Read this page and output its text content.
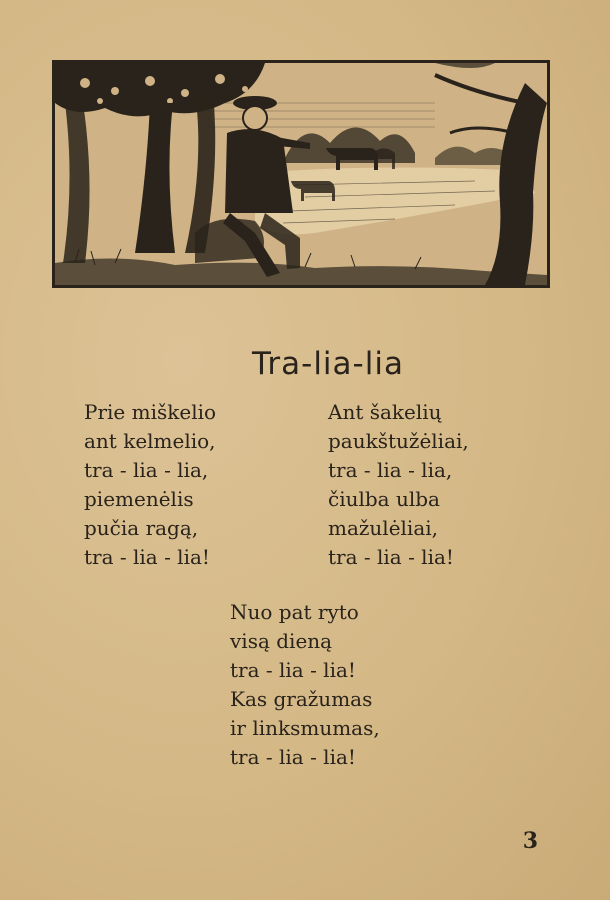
Tra-lia-lia
Prie miškelio
ant kelmelio,
tra - lia - lia,
piemenėlis
pučia ragą,
tra - lia - lia!
Ant šakelių
paukštužėliai,
tra - lia - lia,
čiulba ulba
mažulėliai,
tra - lia - lia!
Nuo pat ryto
visą dieną
tra - lia - lia!
Kas gražumas
ir linksmumas,
tra - lia - lia!
3
